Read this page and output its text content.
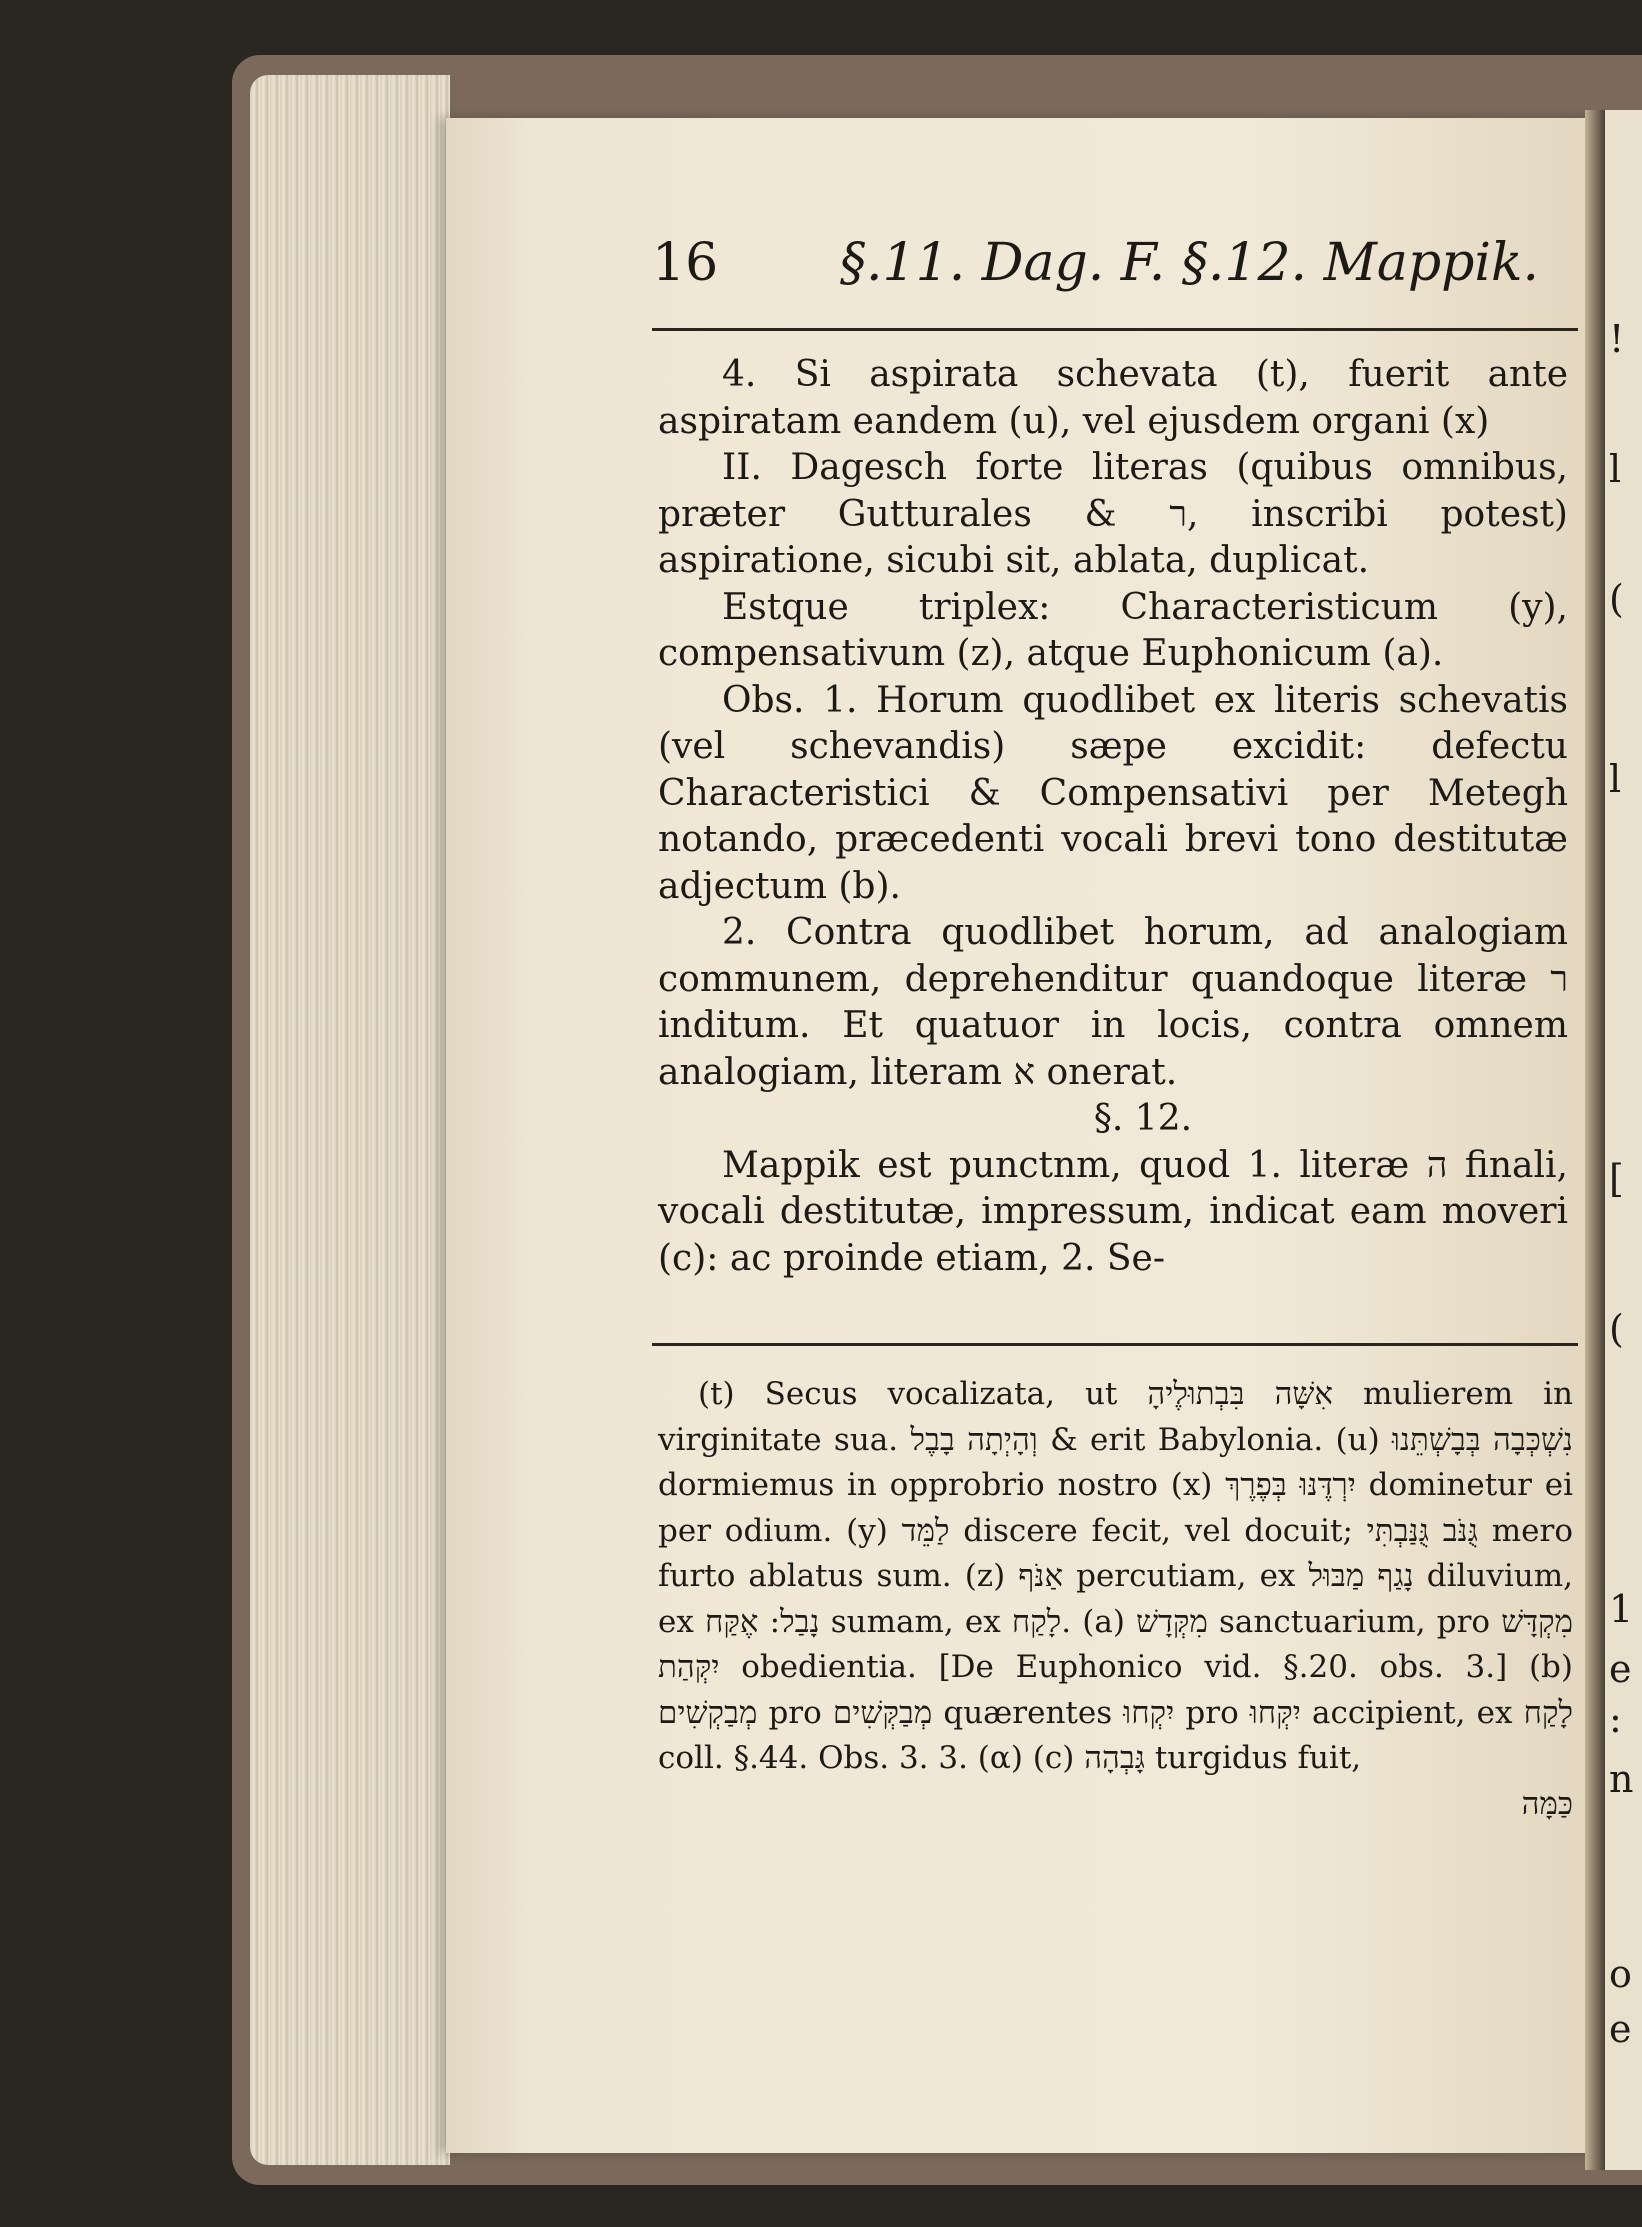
!
l
(
l
[
(
1
e
:
n
o
e
16 §.11. Dag. F. §.12. Mappik.

4. Si aspirata schevata (t), fuerit ante aspiratam eandem (u), vel ejusdem organi (x)

II. Dagesch forte literas (quibus omnibus, præter Gutturales & ר, inscribi potest) aspiratione, sicubi sit, ablata, duplicat.

Estque triplex: Characteristicum (y), compensativum (z), atque Euphonicum (a).

Obs. 1. Horum quodlibet ex literis schevatis (vel schevandis) sæpe excidit: defectu Characteristici & Compensativi per Metegh notando, præcedenti vocali brevi tono destitutæ adjectum (b).

2. Contra quodlibet horum, ad analogiam communem, deprehenditur quandoque literæ ר inditum. Et quatuor in locis, contra omnem analogiam, literam א onerat.

§. 12.

Mappik est punctnm, quod 1. literæ ה finali, vocali destitutæ, impressum, indicat eam moveri (c): ac proinde etiam, 2. Se-

(t) Secus vocalizata, ut אִשָּׁה בִּבְתוּלֶיהָ mulierem in virginitate sua. וְהָיְתָה בָבֶל & erit Babylonia. (u) נִשְׁכְּבָה בְּבָשְׁתֵּנוּ dormiemus in opprobrio nostro (x) יִרְדֶּנּוּ בְּפֶרֶךְ dominetur ei per odium. (y) לַמֵּד discere fecit, vel docuit; גֻּנֹּב גֻּנַּבְתִּי mero furto ablatus sum. (z) אַנֹּף percutiam, ex נָגַף מַבּוּל diluvium, ex נָבַל: אֶקַּח sumam, ex לָקַח. (a) מִקְּדָשׁ sanctuarium, pro מִקְדָּשׁ יִקְּהַת obedientia. [De Euphonico vid. §.20. obs. 3.] (b) מְבַקְשִׁים pro מְבַקְּשִׁים quærentes יִקְחוּ pro יִקְּחוּ accipient, ex לָקַח coll. §.44. Obs. 3. 3. (α) (c) גָּבְהָה turgidus fuit,

כַּמָּה
